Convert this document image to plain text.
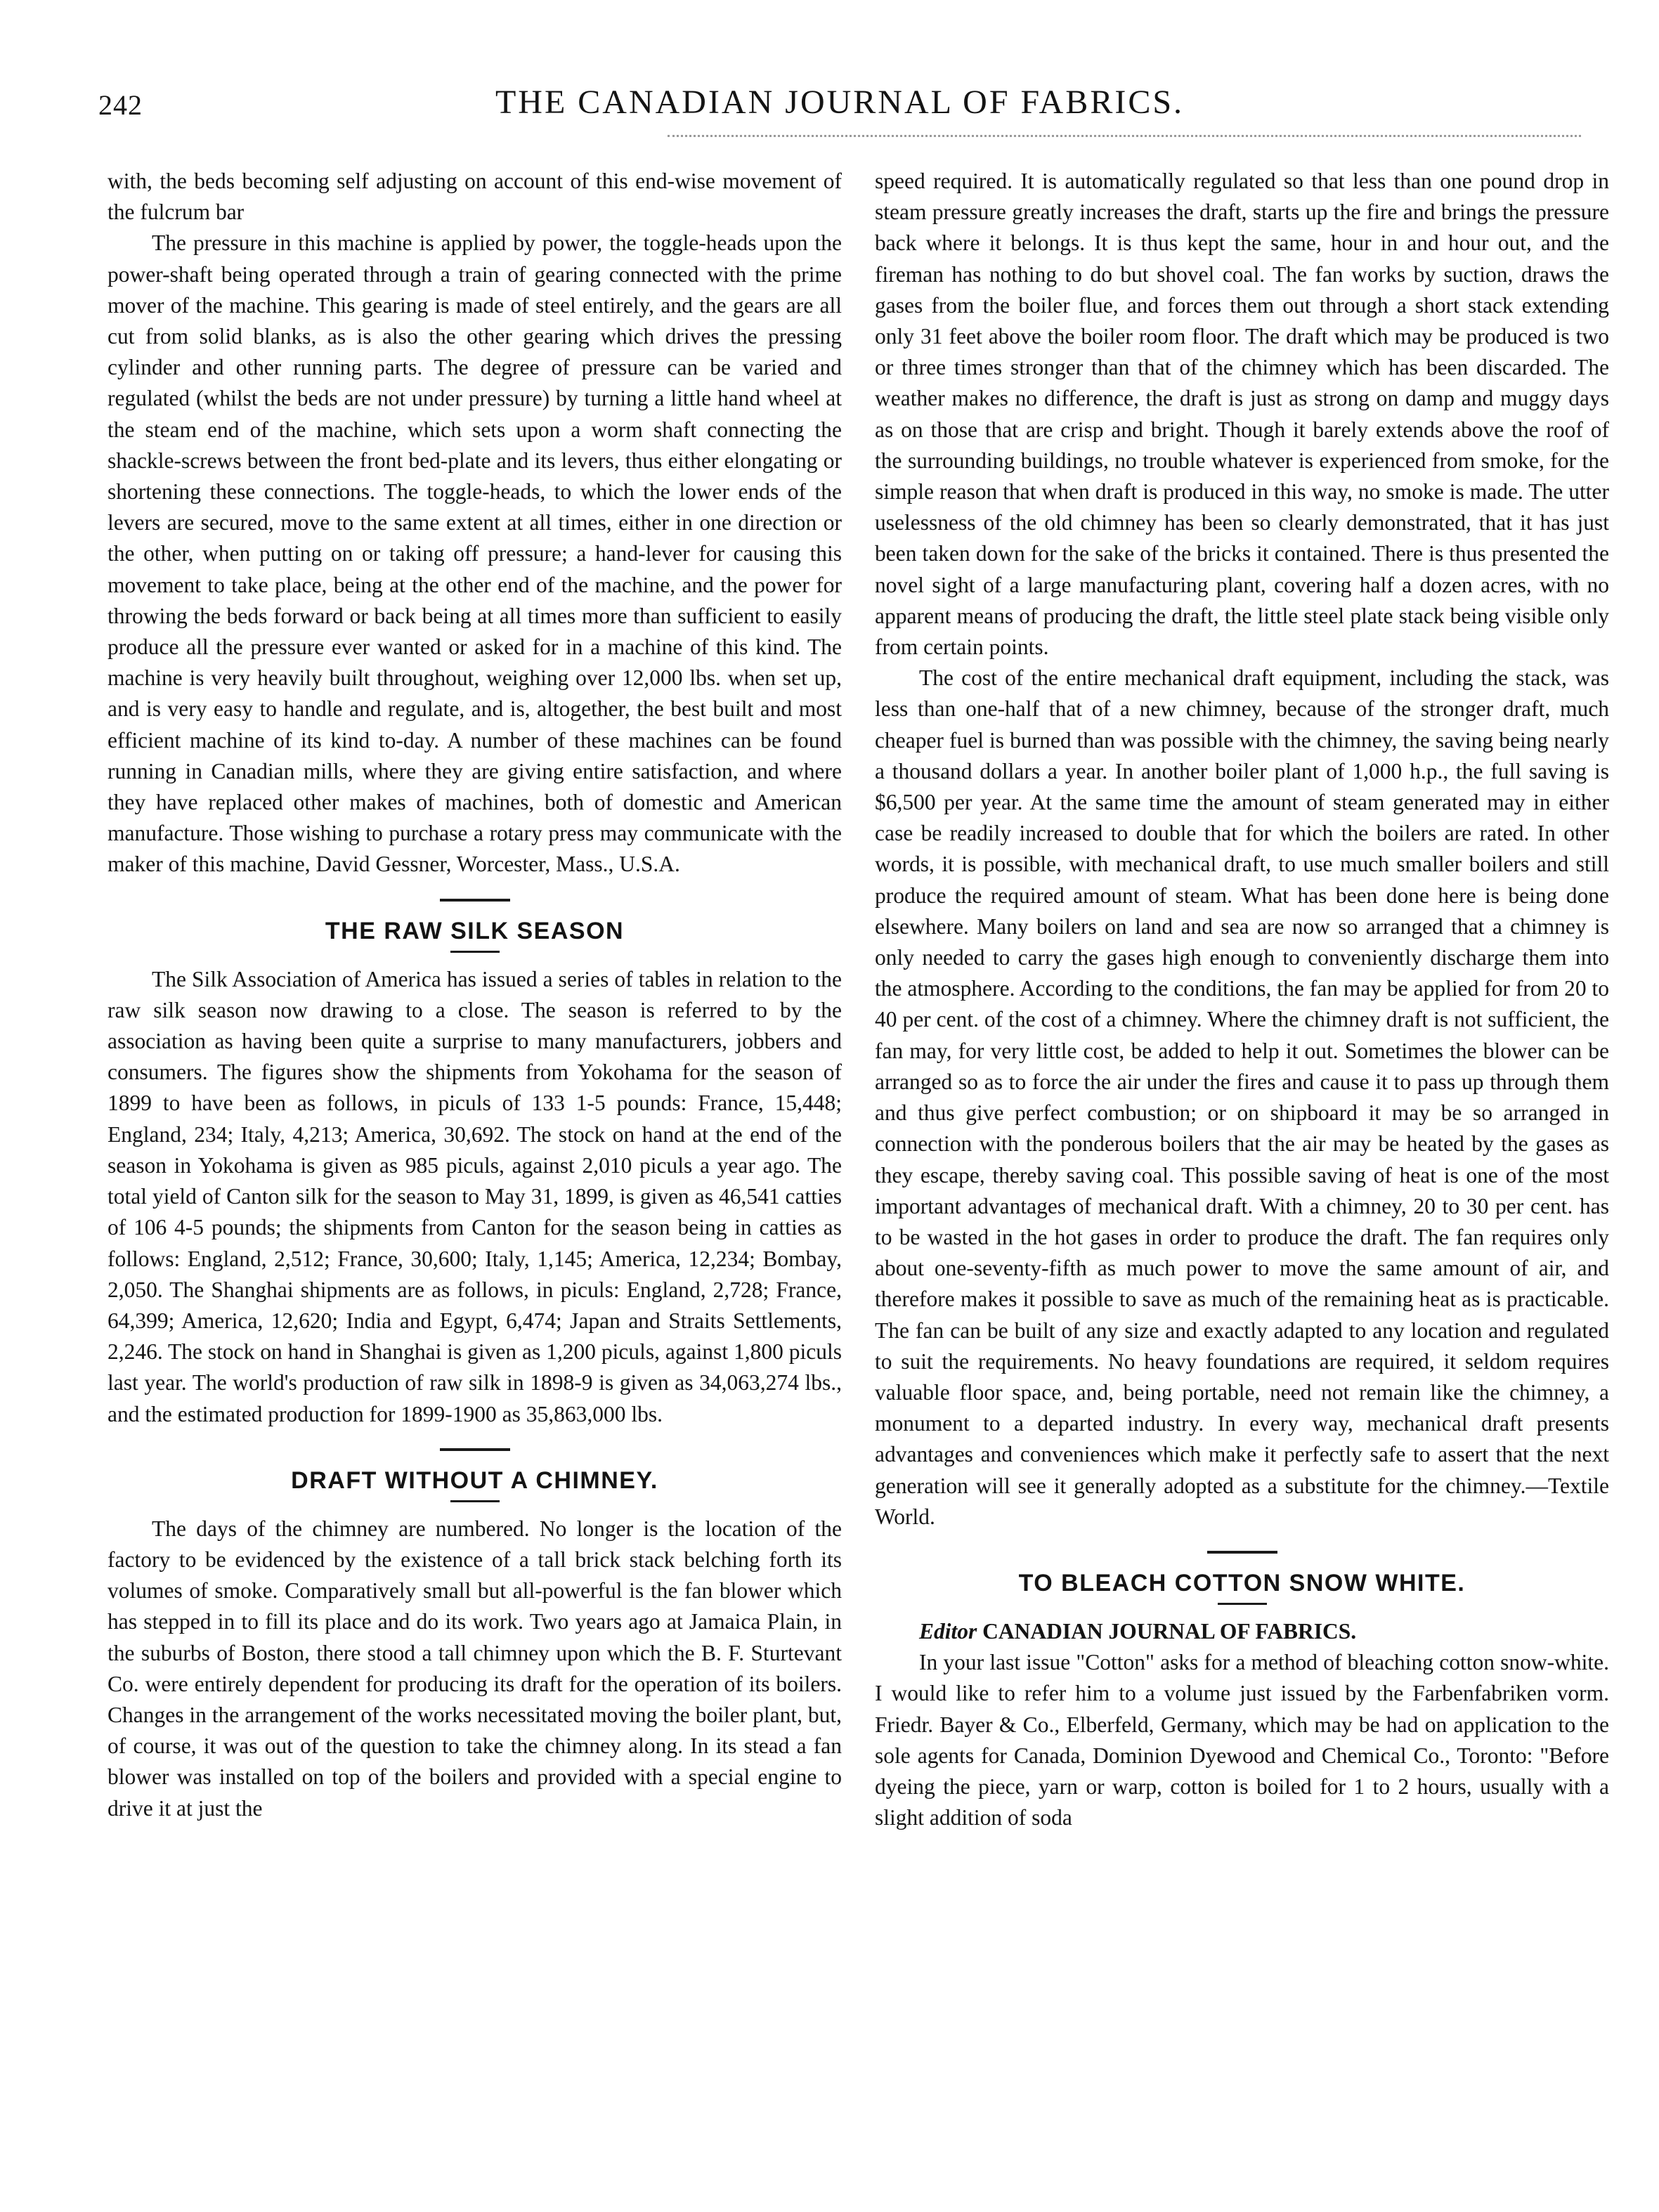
242	THE CANADIAN JOURNAL OF FABRICS.

with, the beds becoming self adjusting on account of this end-wise movement of the fulcrum bar

The pressure in this machine is applied by power, the toggle-heads upon the power-shaft being operated through a train of gearing connected with the prime mover of the machine. This gearing is made of steel entirely, and the gears are all cut from solid blanks, as is also the other gearing which drives the pressing cylinder and other running parts. The degree of pressure can be varied and regulated (whilst the beds are not under pressure) by turning a little hand wheel at the steam end of the machine, which sets upon a worm shaft connecting the shackle-screws between the front bed-plate and its levers, thus either elongating or shortening these connections. The toggle-heads, to which the lower ends of the levers are secured, move to the same extent at all times, either in one direction or the other, when putting on or taking off pressure; a hand-lever for causing this movement to take place, being at the other end of the machine, and the power for throwing the beds forward or back being at all times more than sufficient to easily produce all the pressure ever wanted or asked for in a machine of this kind. The machine is very heavily built throughout, weighing over 12,000 lbs. when set up, and is very easy to handle and regulate, and is, altogether, the best built and most efficient machine of its kind to-day. A number of these machines can be found running in Canadian mills, where they are giving entire satisfaction, and where they have replaced other makes of machines, both of domestic and American manufacture. Those wishing to purchase a rotary press may communicate with the maker of this machine, David Gessner, Worcester, Mass., U.S.A.

THE RAW SILK SEASON

The Silk Association of America has issued a series of tables in relation to the raw silk season now drawing to a close. The season is referred to by the association as having been quite a surprise to many manufacturers, jobbers and consumers. The figures show the shipments from Yokohama for the season of 1899 to have been as follows, in piculs of 133 1-5 pounds: France, 15,448; England, 234; Italy, 4,213; America, 30,692. The stock on hand at the end of the season in Yokohama is given as 985 piculs, against 2,010 piculs a year ago. The total yield of Canton silk for the season to May 31, 1899, is given as 46,541 catties of 106 4-5 pounds; the shipments from Canton for the season being in catties as follows: England, 2,512; France, 30,600; Italy, 1,145; America, 12,234; Bombay, 2,050. The Shanghai shipments are as follows, in piculs: England, 2,728; France, 64,399; America, 12,620; India and Egypt, 6,474; Japan and Straits Settlements, 2,246. The stock on hand in Shanghai is given as 1,200 piculs, against 1,800 piculs last year. The world's production of raw silk in 1898-9 is given as 34,063,274 lbs., and the estimated production for 1899-1900 as 35,863,000 lbs.

DRAFT WITHOUT A CHIMNEY.

The days of the chimney are numbered. No longer is the location of the factory to be evidenced by the existence of a tall brick stack belching forth its volumes of smoke. Comparatively small but all-powerful is the fan blower which has stepped in to fill its place and do its work. Two years ago at Jamaica Plain, in the suburbs of Boston, there stood a tall chimney upon which the B. F. Sturtevant Co. were entirely dependent for producing its draft for the operation of its boilers. Changes in the arrangement of the works necessitated moving the boiler plant, but, of course, it was out of the question to take the chimney along. In its stead a fan blower was installed on top of the boilers and provided with a special engine to drive it at just the

speed required. It is automatically regulated so that less than one pound drop in steam pressure greatly increases the draft, starts up the fire and brings the pressure back where it belongs. It is thus kept the same, hour in and hour out, and the fireman has nothing to do but shovel coal. The fan works by suction, draws the gases from the boiler flue, and forces them out through a short stack extending only 31 feet above the boiler room floor. The draft which may be produced is two or three times stronger than that of the chimney which has been discarded. The weather makes no difference, the draft is just as strong on damp and muggy days as on those that are crisp and bright. Though it barely extends above the roof of the surrounding buildings, no trouble whatever is experienced from smoke, for the simple reason that when draft is produced in this way, no smoke is made. The utter uselessness of the old chimney has been so clearly demonstrated, that it has just been taken down for the sake of the bricks it contained. There is thus presented the novel sight of a large manufacturing plant, covering half a dozen acres, with no apparent means of producing the draft, the little steel plate stack being visible only from certain points.

The cost of the entire mechanical draft equipment, including the stack, was less than one-half that of a new chimney, because of the stronger draft, much cheaper fuel is burned than was possible with the chimney, the saving being nearly a thousand dollars a year. In another boiler plant of 1,000 h.p., the full saving is $6,500 per year. At the same time the amount of steam generated may in either case be readily increased to double that for which the boilers are rated. In other words, it is possible, with mechanical draft, to use much smaller boilers and still produce the required amount of steam. What has been done here is being done elsewhere. Many boilers on land and sea are now so arranged that a chimney is only needed to carry the gases high enough to conveniently discharge them into the atmosphere. According to the conditions, the fan may be applied for from 20 to 40 per cent. of the cost of a chimney. Where the chimney draft is not sufficient, the fan may, for very little cost, be added to help it out. Sometimes the blower can be arranged so as to force the air under the fires and cause it to pass up through them and thus give perfect combustion; or on shipboard it may be so arranged in connection with the ponderous boilers that the air may be heated by the gases as they escape, thereby saving coal. This possible saving of heat is one of the most important advantages of mechanical draft. With a chimney, 20 to 30 per cent. has to be wasted in the hot gases in order to produce the draft. The fan requires only about one-seventy-fifth as much power to move the same amount of air, and therefore makes it possible to save as much of the remaining heat as is practicable. The fan can be built of any size and exactly adapted to any location and regulated to suit the requirements. No heavy foundations are required, it seldom requires valuable floor space, and, being portable, need not remain like the chimney, a monument to a departed industry. In every way, mechanical draft presents advantages and conveniences which make it perfectly safe to assert that the next generation will see it generally adopted as a substitute for the chimney.—Textile World.

TO BLEACH COTTON SNOW WHITE.

Editor CANADIAN JOURNAL OF FABRICS.

In your last issue "Cotton" asks for a method of bleaching cotton snow-white. I would like to refer him to a volume just issued by the Farbenfabriken vorm. Friedr. Bayer & Co., Elberfeld, Germany, which may be had on application to the sole agents for Canada, Dominion Dyewood and Chemical Co., Toronto: "Before dyeing the piece, yarn or warp, cotton is boiled for 1 to 2 hours, usually with a slight addition of soda
